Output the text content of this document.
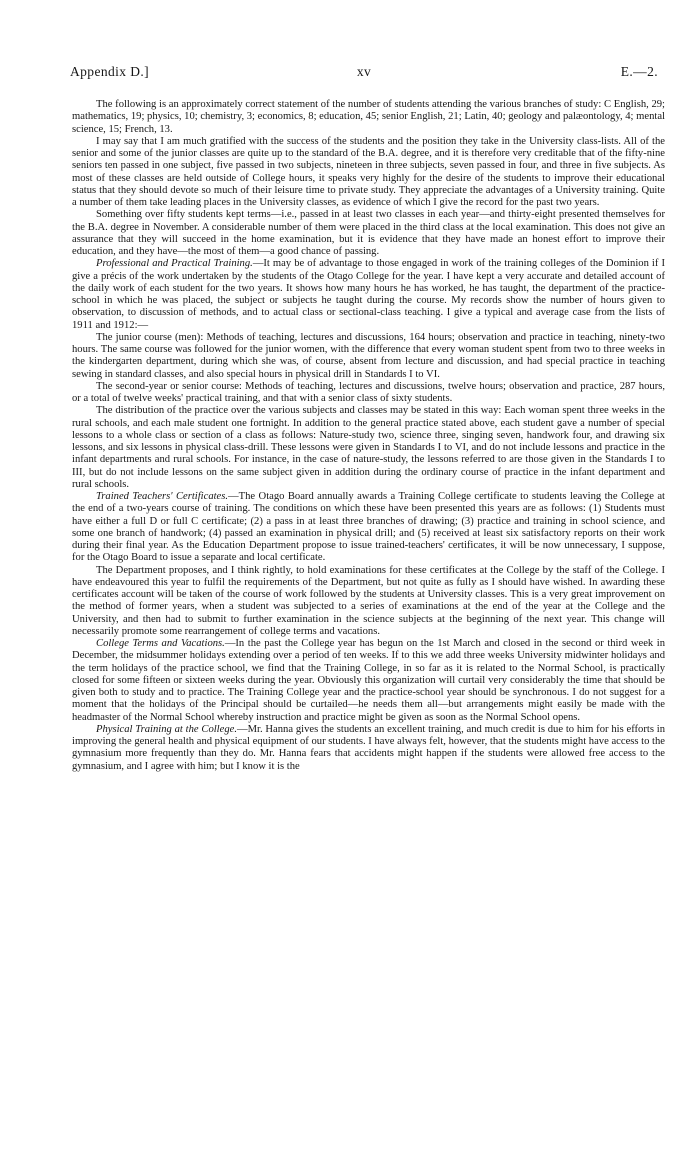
Appendix D.]	xv	E.—2.

The following is an approximately correct statement of the number of students attending the various branches of study: C English, 29; mathematics, 19; physics, 10; chemistry, 3; economics, 8; education, 45; senior English, 21; Latin, 40; geology and palæontology, 4; mental science, 15; French, 13.

I may say that I am much gratified with the success of the students and the position they take in the University class-lists. All of the senior and some of the junior classes are quite up to the standard of the B.A. degree, and it is therefore very creditable that of the fifty-nine seniors ten passed in one subject, five passed in two subjects, nineteen in three subjects, seven passed in four, and three in five subjects. As most of these classes are held outside of College hours, it speaks very highly for the desire of the students to improve their educational status that they should devote so much of their leisure time to private study. They appreciate the advantages of a University training. Quite a number of them take leading places in the University classes, as evidence of which I give the record for the past two years.

Something over fifty students kept terms—i.e., passed in at least two classes in each year—and thirty-eight presented themselves for the B.A. degree in November. A considerable number of them were placed in the third class at the local examination. This does not give an assurance that they will succeed in the home examination, but it is evidence that they have made an honest effort to improve their education, and they have—the most of them—a good chance of passing.

Professional and Practical Training.—It may be of advantage to those engaged in work of the training colleges of the Dominion if I give a précis of the work undertaken by the students of the Otago College for the year. I have kept a very accurate and detailed account of the daily work of each student for the two years. It shows how many hours he has worked, he has taught, the department of the practice-school in which he was placed, the subject or subjects he taught during the course. My records show the number of hours given to observation, to discussion of methods, and to actual class or sectional-class teaching. I give a typical and average case from the lists of 1911 and 1912:—

The junior course (men): Methods of teaching, lectures and discussions, 164 hours; observation and practice in teaching, ninety-two hours. The same course was followed for the junior women, with the difference that every woman student spent from two to three weeks in the kindergarten department, during which she was, of course, absent from lecture and discussion, and had special practice in teaching sewing in standard classes, and also special hours in physical drill in Standards I to VI.

The second-year or senior course: Methods of teaching, lectures and discussions, twelve hours; observation and practice, 287 hours, or a total of twelve weeks' practical training, and that with a senior class of sixty students.

The distribution of the practice over the various subjects and classes may be stated in this way: Each woman spent three weeks in the rural schools, and each male student one fortnight. In addition to the general practice stated above, each student gave a number of special lessons to a whole class or section of a class as follows: Nature-study two, science three, singing seven, handwork four, and drawing six lessons, and six lessons in physical class-drill. These lessons were given in Standards I to VI, and do not include lessons and practice in the infant departments and rural schools. For instance, in the case of nature-study, the lessons referred to are those given in the Standards I to III, but do not include lessons on the same subject given in addition during the ordinary course of practice in the infant department and rural schools.

Trained Teachers' Certificates.—The Otago Board annually awards a Training College certificate to students leaving the College at the end of a two-years course of training. The conditions on which these have been presented this years are as follows: (1) Students must have either a full D or full C certificate; (2) a pass in at least three branches of drawing; (3) practice and training in school science, and some one branch of handwork; (4) passed an examination in physical drill; and (5) received at least six satisfactory reports on their work during their final year. As the Education Department propose to issue trained-teachers' certificates, it will be now unnecessary, I suppose, for the Otago Board to issue a separate and local certificate.

The Department proposes, and I think rightly, to hold examinations for these certificates at the College by the staff of the College. I have endeavoured this year to fulfil the requirements of the Department, but not quite as fully as I should have wished. In awarding these certificates account will be taken of the course of work followed by the students at University classes. This is a very great improvement on the method of former years, when a student was subjected to a series of examinations at the end of the year at the College and the University, and then had to submit to further examination in the science subjects at the beginning of the next year. This change will necessarily promote some rearrangement of college terms and vacations.

College Terms and Vacations.—In the past the College year has begun on the 1st March and closed in the second or third week in December, the midsummer holidays extending over a period of ten weeks. If to this we add three weeks University midwinter holidays and the term holidays of the practice school, we find that the Training College, in so far as it is related to the Normal School, is practically closed for some fifteen or sixteen weeks during the year. Obviously this organization will curtail very considerably the time that should be given both to study and to practice. The Training College year and the practice-school year should be synchronous. I do not suggest for a moment that the holidays of the Principal should be curtailed—he needs them all—but arrangements might easily be made with the headmaster of the Normal School whereby instruction and practice might be given as soon as the Normal School opens.

Physical Training at the College.—Mr. Hanna gives the students an excellent training, and much credit is due to him for his efforts in improving the general health and physical equipment of our students. I have always felt, however, that the students might have access to the gymnasium more frequently than they do. Mr. Hanna fears that accidents might happen if the students were allowed free access to the gymnasium, and I agree with him; but I know it is the
